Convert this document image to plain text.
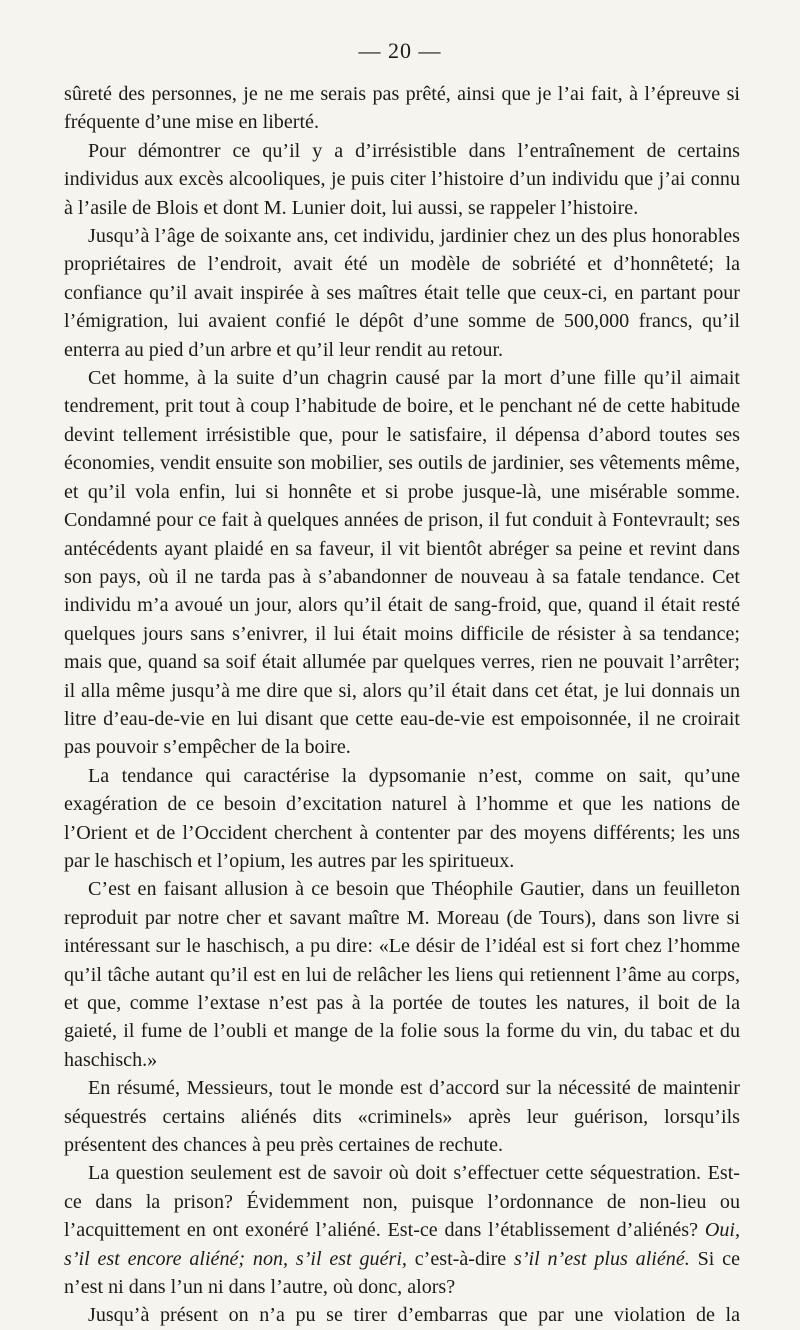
— 20 —

sûreté des personnes, je ne me serais pas prêté, ainsi que je l’ai fait, à l’épreuve si fréquente d’une mise en liberté.

Pour démontrer ce qu’il y a d’irrésistible dans l’entraînement de certains individus aux excès alcooliques, je puis citer l’histoire d’un individu que j’ai connu à l’asile de Blois et dont M. Lunier doit, lui aussi, se rappeler l’histoire.

Jusqu’à l’âge de soixante ans, cet individu, jardinier chez un des plus honorables propriétaires de l’endroit, avait été un modèle de sobriété et d’honnêteté; la confiance qu’il avait inspirée à ses maîtres était telle que ceux-ci, en partant pour l’émigration, lui avaient confié le dépôt d’une somme de 500,000 francs, qu’il enterra au pied d’un arbre et qu’il leur rendit au retour.

Cet homme, à la suite d’un chagrin causé par la mort d’une fille qu’il aimait tendrement, prit tout à coup l’habitude de boire, et le penchant né de cette habitude devint tellement irrésistible que, pour le satisfaire, il dépensa d’abord toutes ses économies, vendit ensuite son mobilier, ses outils de jardinier, ses vêtements même, et qu’il vola enfin, lui si honnête et si probe jusque-là, une misérable somme. Condamné pour ce fait à quelques années de prison, il fut conduit à Fontevrault; ses antécédents ayant plaidé en sa faveur, il vit bientôt abréger sa peine et revint dans son pays, où il ne tarda pas à s’abandonner de nouveau à sa fatale tendance. Cet individu m’a avoué un jour, alors qu’il était de sang-froid, que, quand il était resté quelques jours sans s’enivrer, il lui était moins difficile de résister à sa tendance; mais que, quand sa soif était allumée par quelques verres, rien ne pouvait l’arrêter; il alla même jusqu’à me dire que si, alors qu’il était dans cet état, je lui donnais un litre d’eau-de-vie en lui disant que cette eau-de-vie est empoisonnée, il ne croirait pas pouvoir s’empêcher de la boire.

La tendance qui caractérise la dypsomanie n’est, comme on sait, qu’une exagération de ce besoin d’excitation naturel à l’homme et que les nations de l’Orient et de l’Occident cherchent à contenter par des moyens différents; les uns par le haschisch et l’opium, les autres par les spiritueux.

C’est en faisant allusion à ce besoin que Théophile Gautier, dans un feuilleton reproduit par notre cher et savant maître M. Moreau (de Tours), dans son livre si intéressant sur le haschisch, a pu dire: «Le désir de l’idéal est si fort chez l’homme qu’il tâche autant qu’il est en lui de relâcher les liens qui retiennent l’âme au corps, et que, comme l’extase n’est pas à la portée de toutes les natures, il boit de la gaieté, il fume de l’oubli et mange de la folie sous la forme du vin, du tabac et du haschisch.»

En résumé, Messieurs, tout le monde est d’accord sur la nécessité de maintenir séquestrés certains aliénés dits «criminels» après leur guérison, lorsqu’ils présentent des chances à peu près certaines de rechute.

La question seulement est de savoir où doit s’effectuer cette séquestration. Est-ce dans la prison? Évidemment non, puisque l’ordonnance de non-lieu ou l’acquittement en ont exonéré l’aliéné. Est-ce dans l’établissement d’aliénés? Oui, s’il est encore aliéné; non, s’il est guéri, c’est-à-dire s’il n’est plus aliéné. Si ce n’est ni dans l’un ni dans l’autre, où donc, alors?

Jusqu’à présent on n’a pu se tirer d’embarras que par une violation de la
